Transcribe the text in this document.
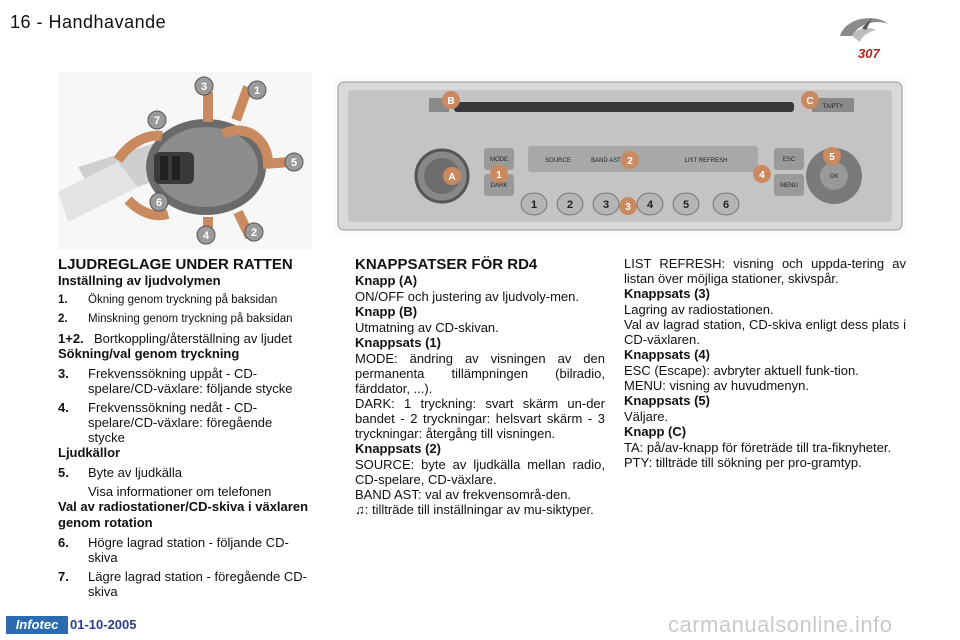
16 - Handhavande
307
3	1
7
5
6
4	2
MODE
DARK
SOURCE	BAND AST	LIST REFRESH	ESC
MENU
TA/PTY
OK
1	2	3	4	5	6
A
B	C
1
2
3
4
5

LJUDREGLAGE UNDER RATTEN

Inställning av ljudvolymen

1.	Ökning genom tryckning på baksidan
2.	Minskning genom tryckning på baksidan
1+2. Bortkoppling/återställning av ljudet

Sökning/val genom tryckning

3.	Frekvenssökning uppåt - CD-spelare/CD-växlare: följande stycke
4.	Frekvenssökning nedåt - CD-spelare/CD-växlare: föregående stycke

Ljudkällor

5.	Byte av ljudkälla
Visa informationer om telefonen

Val av radiostationer/CD-skiva i växlaren genom rotation

6.	Högre lagrad station - följande CD-skiva
7.	Lägre lagrad station - föregående CD-skiva

KNAPPSATSER FÖR RD4

Knapp (A)

ON/OFF och justering av ljudvoly-men.

Knapp (B)

Utmatning av CD-skivan.

Knappsats (1)

MODE: ändring av visningen av den permanenta tillämpningen (bilradio, färddator, ...).

DARK: 1 tryckning: svart skärm un-der bandet - 2 tryckningar: helsvart skärm - 3 tryckningar: återgång till visningen.

Knappsats (2)

SOURCE: byte av ljudkälla mellan radio, CD-spelare, CD-växlare.

BAND AST: val av frekvensområ-den.

♫: tillträde till inställningar av mu-siktyper.

LIST REFRESH: visning och uppda-tering av listan över möjliga stationer, skivspår.

Knappsats (3)

Lagring av radiostationen.

Val av lagrad station, CD-skiva enligt dess plats i CD-växlaren.

Knappsats (4)

ESC (Escape): avbryter aktuell funk-tion.

MENU: visning av huvudmenyn.

Knappsats (5)

Väljare.

Knapp (C)

TA: på/av-knapp för företräde till tra-fiknyheter.

PTY: tillträde till sökning per pro-gramtyp.

Infotec 01-10-2005	carmanualsonline.info
